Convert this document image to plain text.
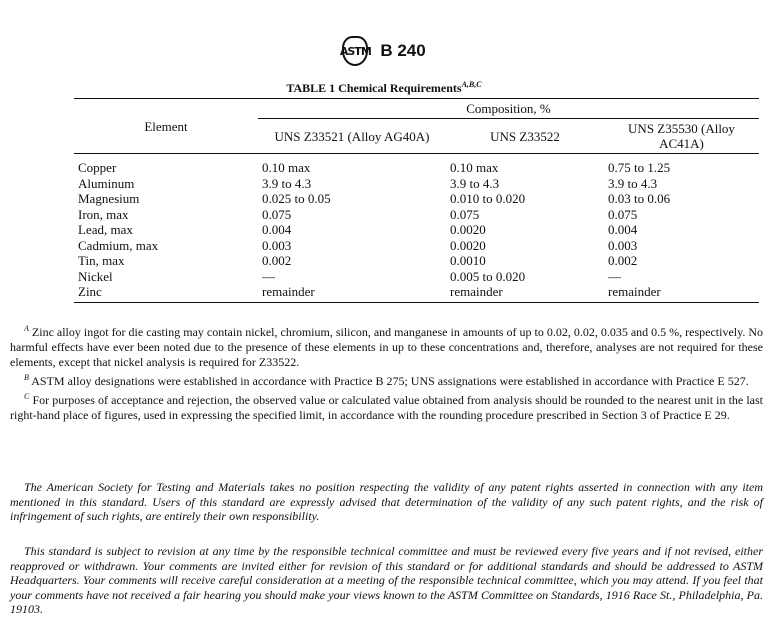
ASTM B 240
TABLE 1 Chemical Requirements$^{A,B,C}$
Element	Composition, %		
	UNS Z33521 (Alloy AG40A)	UNS Z33522	UNS Z35530 (Alloy AC41A)
Copper	0.10 max	0.10 max	0.75 to 1.25
Aluminum	3.9 to 4.3	3.9 to 4.3	3.9 to 4.3
Magnesium	0.025 to 0.05	0.010 to 0.020	0.03 to 0.06
Iron, max	0.075	0.075	0.075
Lead, max	0.004	0.0020	0.004
Cadmium, max	0.003	0.0020	0.003
Tin, max	0.002	0.0010	0.002
Nickel	—	0.005 to 0.020	—
Zinc	remainder	remainder	remainder

$^A$ Zinc alloy ingot for die casting may contain nickel, chromium, silicon, and manganese in amounts of up to 0.02, 0.02, 0.035 and 0.5 %, respectively. No harmful effects have ever been noted due to the presence of these elements in up to these concentrations and, therefore, analyses are not required for these elements, except that nickel analysis is required for Z33522.

$^B$ ASTM alloy designations were established in accordance with Practice B 275; UNS assignations were established in accordance with Practice E 527.

$^C$ For purposes of acceptance and rejection, the observed value or calculated value obtained from analysis should be rounded to the nearest unit in the last right-hand place of figures, used in expressing the specified limit, in accordance with the rounding procedure prescribed in Section 3 of Practice E 29.

The American Society for Testing and Materials takes no position respecting the validity of any patent rights asserted in connection with any item mentioned in this standard. Users of this standard are expressly advised that determination of the validity of any such patent rights, and the risk of infringement of such rights, are entirely their own responsibility.

This standard is subject to revision at any time by the responsible technical committee and must be reviewed every five years and if not revised, either reapproved or withdrawn. Your comments are invited either for revision of this standard or for additional standards and should be addressed to ASTM Headquarters. Your comments will receive careful consideration at a meeting of the responsible technical committee, which you may attend. If you feel that your comments have not received a fair hearing you should make your views known to the ASTM Committee on Standards, 1916 Race St., Philadelphia, Pa. 19103.
